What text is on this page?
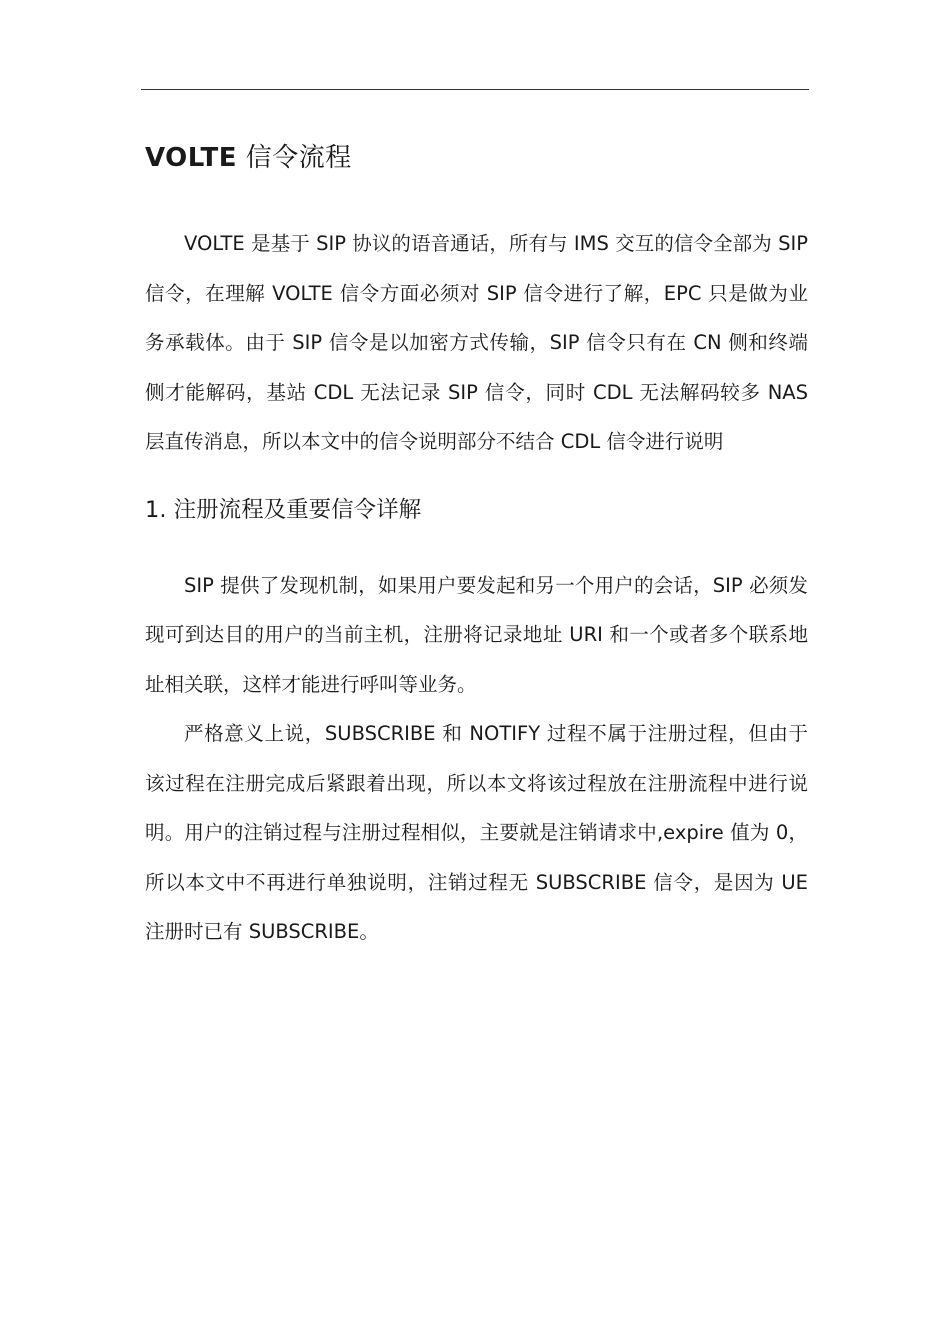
VOLTE 信令流程

VOLTE 是基于 SIP 协议的语音通话，所有与 IMS 交互的信令全部为 SIP 信令，在理解 VOLTE 信令方面必须对 SIP 信令进行了解，EPC 只是做为业务承载体。由于 SIP 信令是以加密方式传输，SIP 信令只有在 CN 侧和终端侧才能解码，基站 CDL 无法记录 SIP 信令，同时 CDL 无法解码较多 NAS 层直传消息，所以本文中的信令说明部分不结合 CDL 信令进行说明

1. 注册流程及重要信令详解

SIP 提供了发现机制，如果用户要发起和另一个用户的会话，SIP 必须发现可到达目的用户的当前主机，注册将记录地址 URI 和一个或者多个联系地址相关联，这样才能进行呼叫等业务。

严格意义上说，SUBSCRIBE 和 NOTIFY 过程不属于注册过程，但由于该过程在注册完成后紧跟着出现，所以本文将该过程放在注册流程中进行说明。用户的注销过程与注册过程相似，主要就是注销请求中,expire 值为 0，所以本文中不再进行单独说明，注销过程无 SUBSCRIBE 信令，是因为 UE 注册时已有 SUBSCRIBE。
